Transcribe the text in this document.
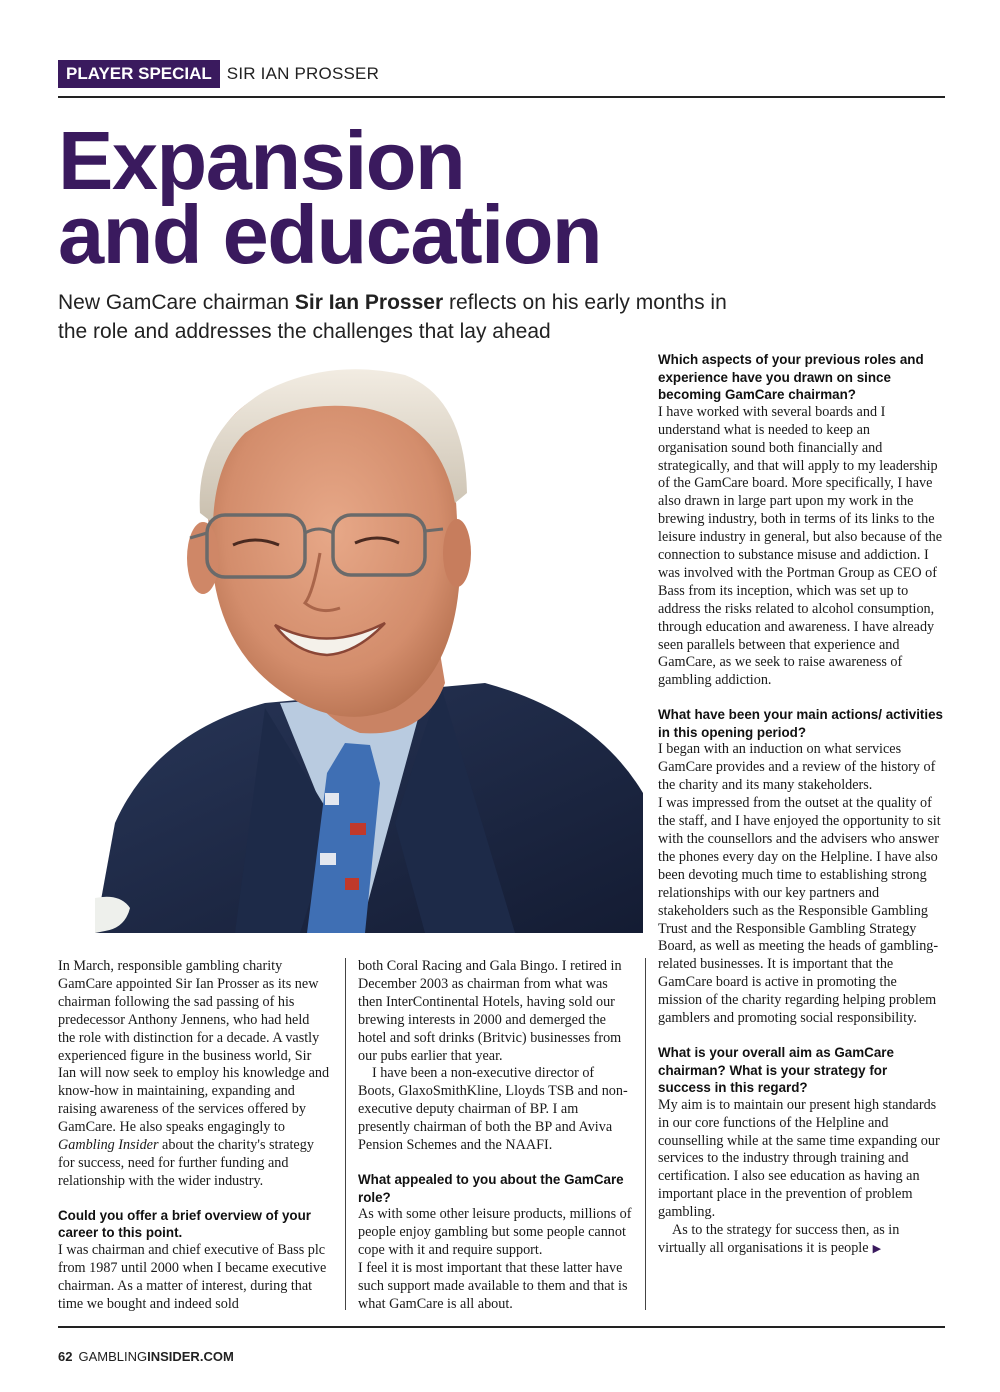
PLAYER SPECIAL SIR IAN PROSSER
Expansion
and education

New GamCare chairman Sir Ian Prosser reflects on his early months in the role and addresses the challenges that lay ahead

In March, responsible gambling charity GamCare appointed Sir Ian Prosser as its new chairman following the sad passing of his predecessor Anthony Jennens, who had held the role with distinction for a decade. A vastly experienced figure in the business world, Sir Ian will now seek to employ his knowledge and know-how in maintaining, expanding and raising awareness of the services offered by GamCare. He also speaks engagingly to Gambling Insider about the charity's strategy for success, need for further funding and relationship with the wider industry.

Could you offer a brief overview of your career to this point.

I was chairman and chief executive of Bass plc from 1987 until 2000 when I became executive chairman. As a matter of interest, during that time we bought and indeed sold

both Coral Racing and Gala Bingo. I retired in December 2003 as chairman from what was then InterContinental Hotels, having sold our brewing interests in 2000 and demerged the hotel and soft drinks (Britvic) businesses from our pubs earlier that year.

I have been a non-executive director of Boots, GlaxoSmithKline, Lloyds TSB and non-executive deputy chairman of BP. I am presently chairman of both the BP and Aviva Pension Schemes and the NAAFI.

What appealed to you about the GamCare role?

As with some other leisure products, millions of people enjoy gambling but some people cannot cope with it and require support.

I feel it is most important that these latter have such support made available to them and that is what GamCare is all about.

Which aspects of your previous roles and experience have you drawn on since becoming GamCare chairman?

I have worked with several boards and I understand what is needed to keep an organisation sound both financially and strategically, and that will apply to my leadership of the GamCare board. More specifically, I have also drawn in large part upon my work in the brewing industry, both in terms of its links to the leisure industry in general, but also because of the connection to substance misuse and addiction. I was involved with the Portman Group as CEO of Bass from its inception, which was set up to address the risks related to alcohol consumption, through education and awareness. I have already seen parallels between that experience and GamCare, as we seek to raise awareness of gambling addiction.

What have been your main actions/ activities in this opening period?

I began with an induction on what services GamCare provides and a review of the history of the charity and its many stakeholders.

I was impressed from the outset at the quality of the staff, and I have enjoyed the opportunity to sit with the counsellors and the advisers who answer the phones every day on the Helpline. I have also been devoting much time to establishing strong relationships with our key partners and stakeholders such as the Responsible Gambling Trust and the Responsible Gambling Strategy Board, as well as meeting the heads of gambling-related businesses. It is important that the GamCare board is active in promoting the mission of the charity regarding helping problem gamblers and promoting social responsibility.

What is your overall aim as GamCare chairman? What is your strategy for success in this regard?

My aim is to maintain our present high standards in our core functions of the Helpline and counselling while at the same time expanding our services to the industry through training and certification. I also see education as having an important place in the prevention of problem gambling.

As to the strategy for success then, as in virtually all organisations it is people ▶

62 GAMBLINGINSIDER.COM
